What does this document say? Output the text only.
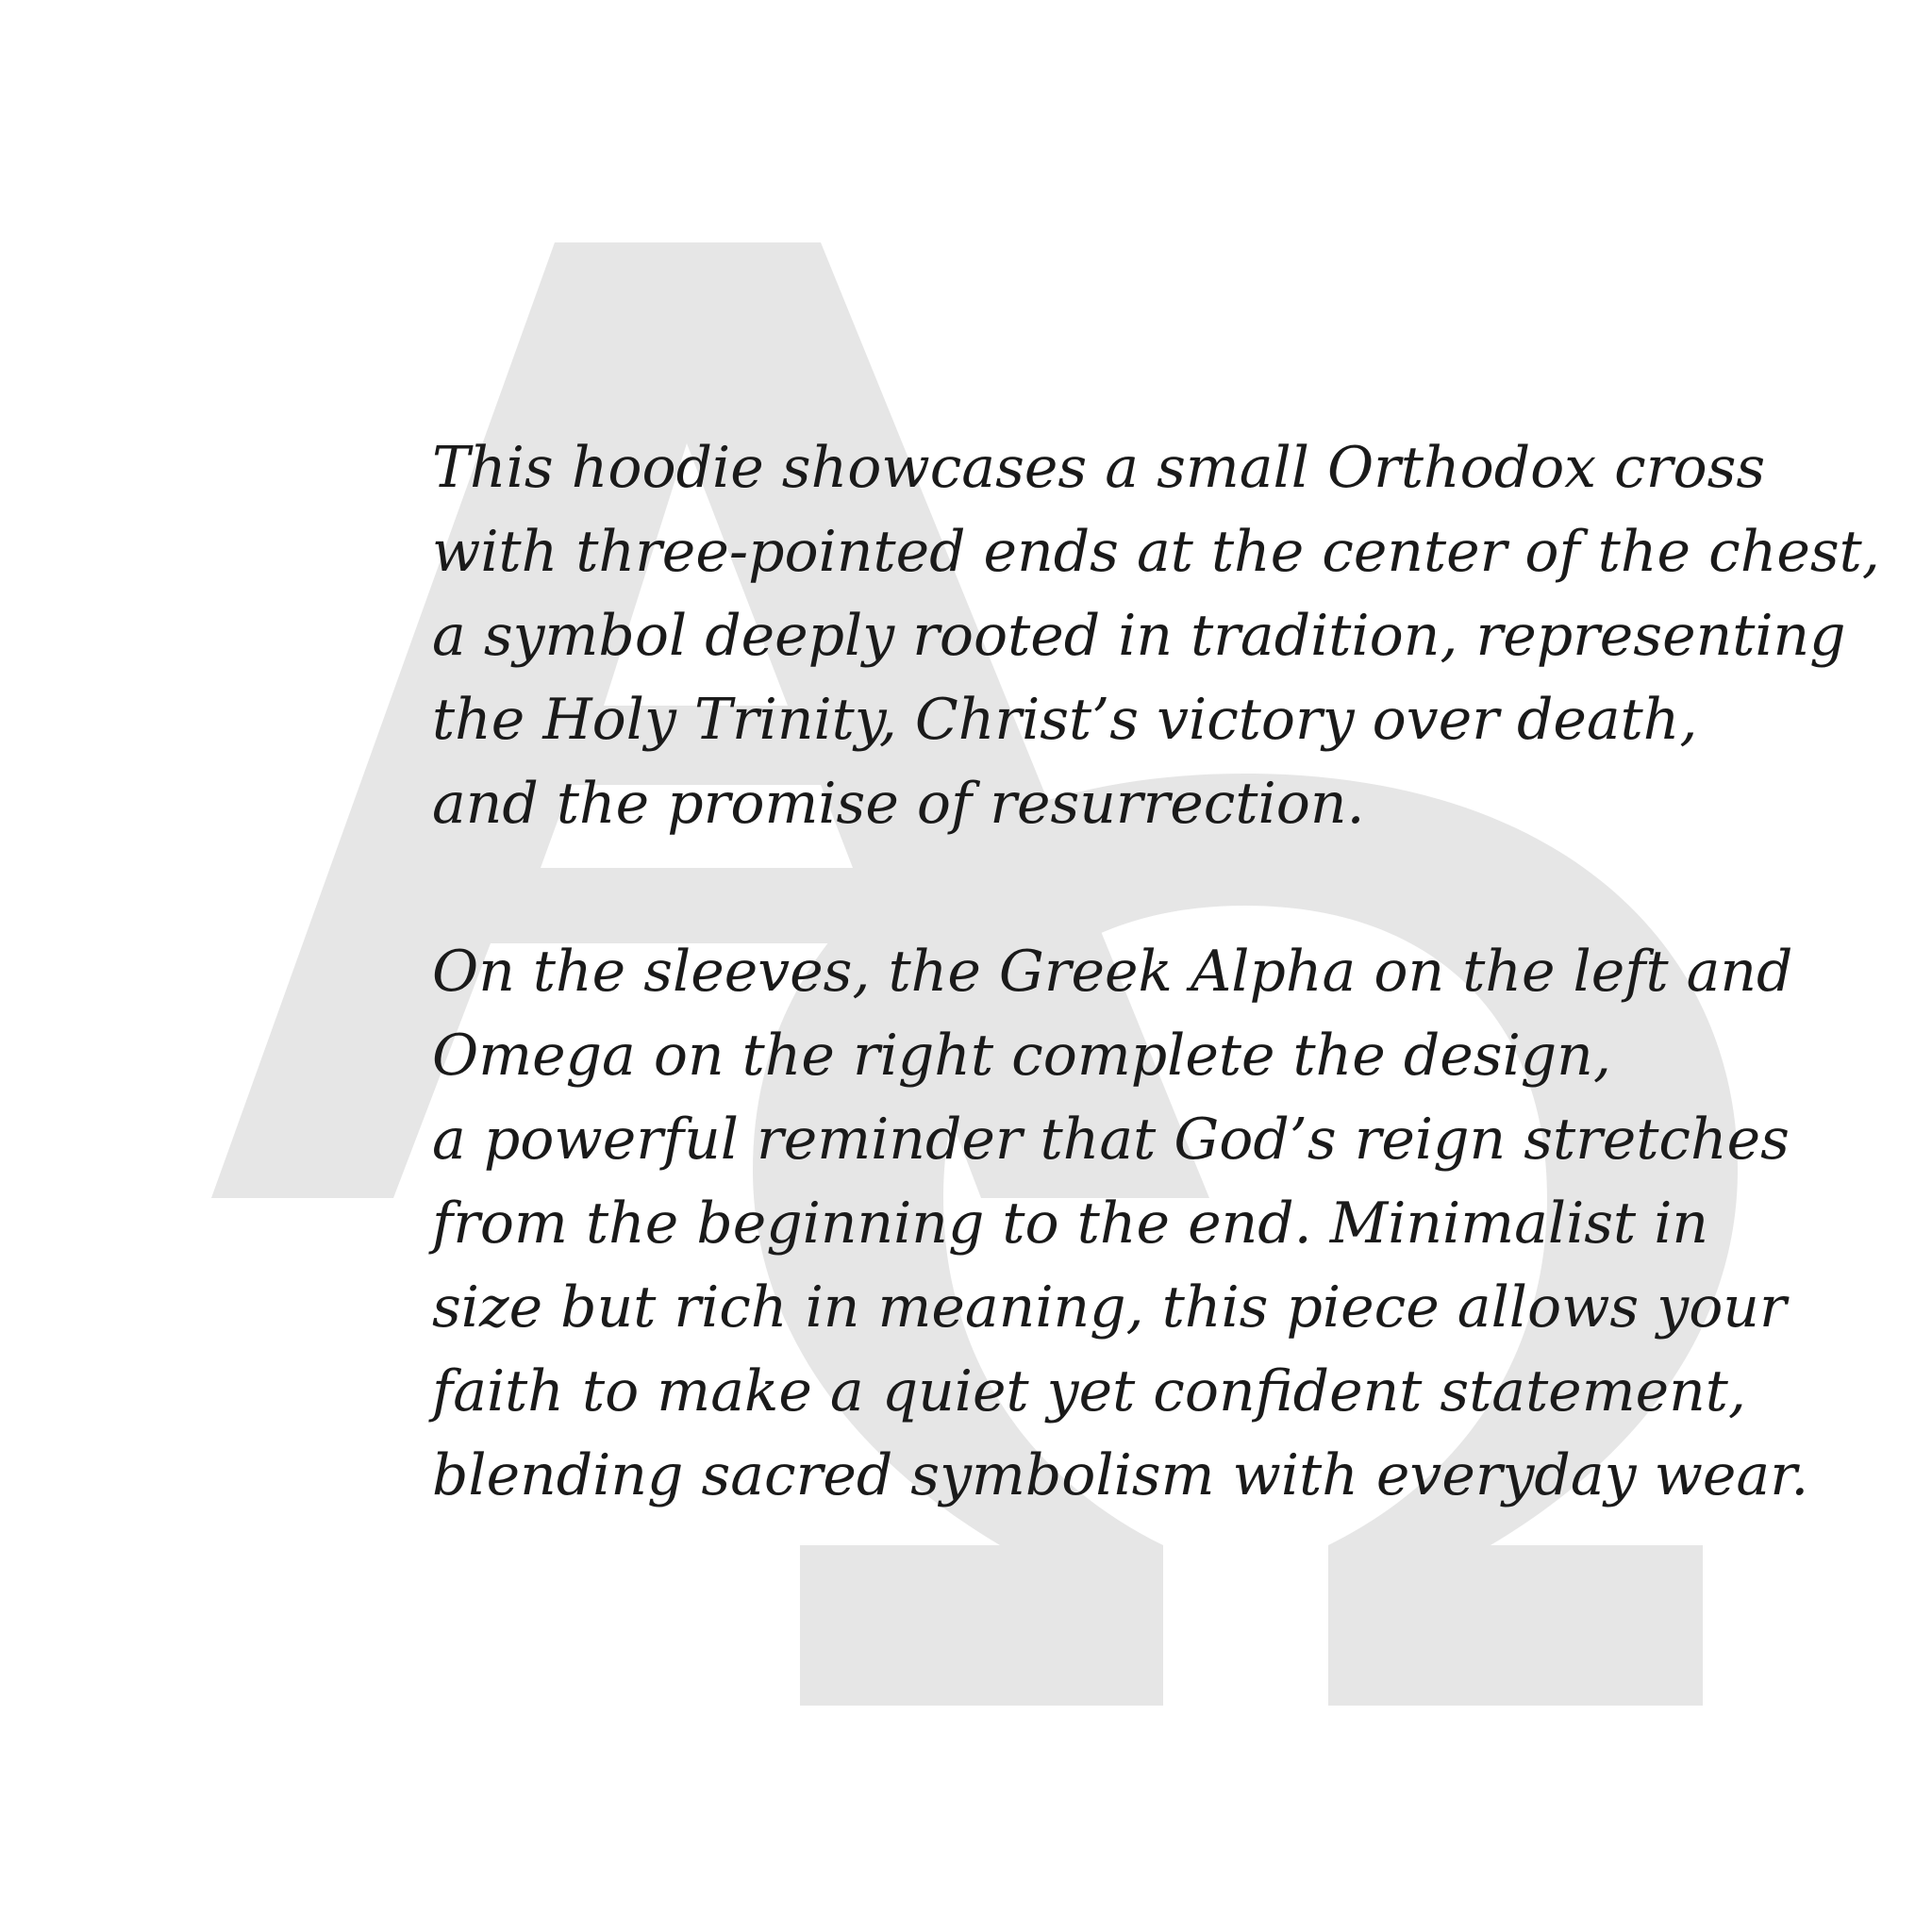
This hoodie showcases a small Orthodox cross
with three-pointed ends at the center of the chest,
a symbol deeply rooted in tradition, representing
the Holy Trinity, Christ’s victory over death,
and the promise of resurrection.

On the sleeves, the Greek Alpha on the left and
Omega on the right complete the design,
a powerful reminder that God’s reign stretches
from the beginning to the end. Minimalist in
size but rich in meaning, this piece allows your
faith to make a quiet yet confident statement,
blending sacred symbolism with everyday wear.
